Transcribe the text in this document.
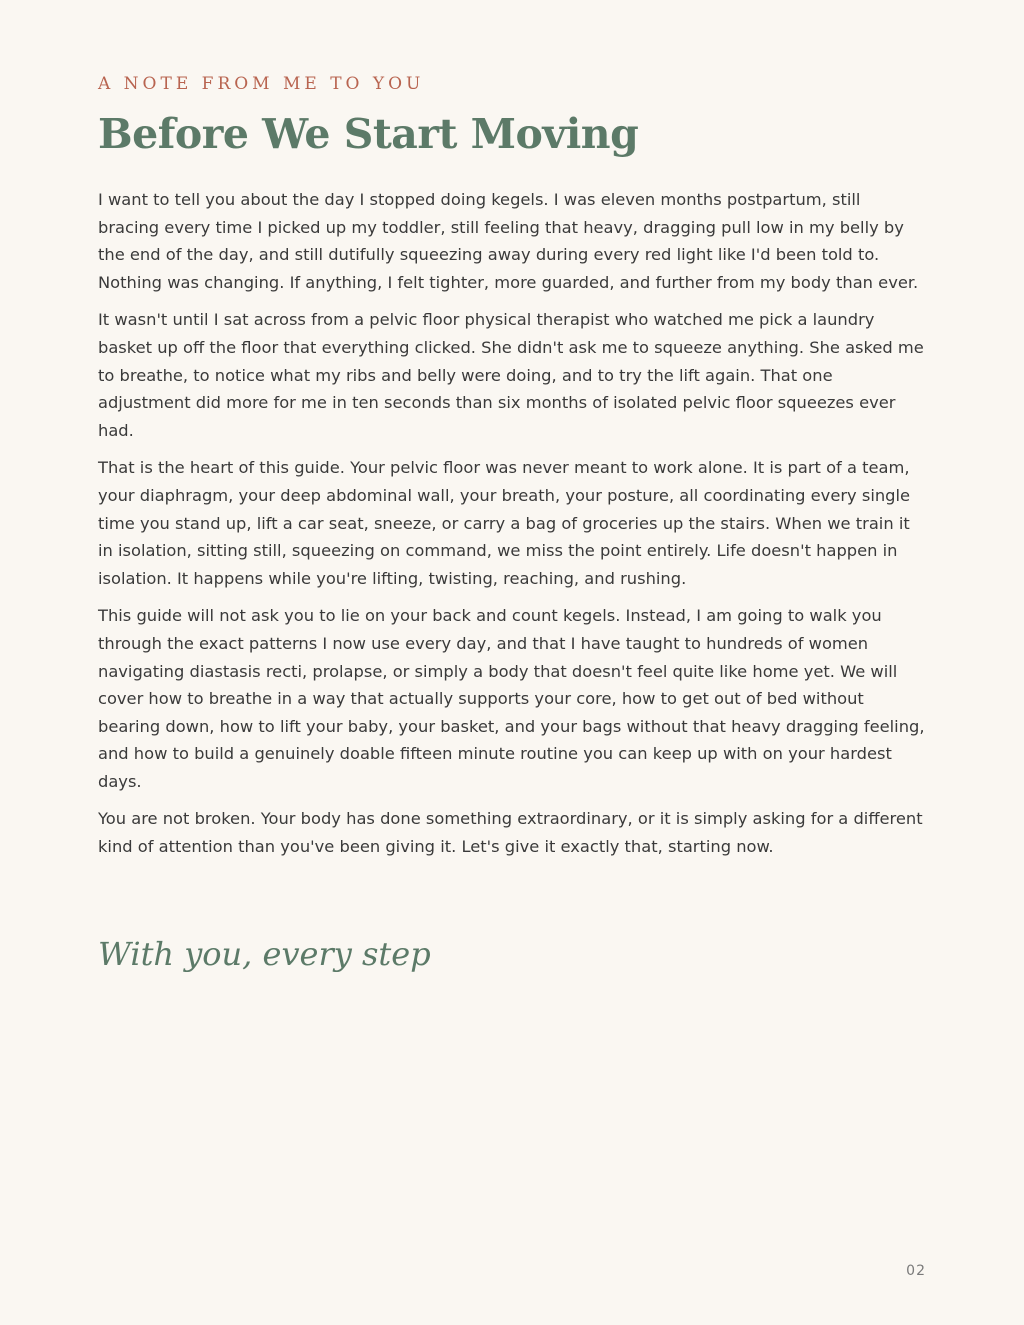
A NOTE FROM ME TO YOU

Before We Start Moving

I want to tell you about the day I stopped doing kegels. I was eleven months postpartum, still bracing every time I picked up my toddler, still feeling that heavy, dragging pull low in my belly by the end of the day, and still dutifully squeezing away during every red light like I'd been told to. Nothing was changing. If anything, I felt tighter, more guarded, and further from my body than ever.

It wasn't until I sat across from a pelvic floor physical therapist who watched me pick a laundry basket up off the floor that everything clicked. She didn't ask me to squeeze anything. She asked me to breathe, to notice what my ribs and belly were doing, and to try the lift again. That one adjustment did more for me in ten seconds than six months of isolated pelvic floor squeezes ever had.

That is the heart of this guide. Your pelvic floor was never meant to work alone. It is part of a team, your diaphragm, your deep abdominal wall, your breath, your posture, all coordinating every single time you stand up, lift a car seat, sneeze, or carry a bag of groceries up the stairs. When we train it in isolation, sitting still, squeezing on command, we miss the point entirely. Life doesn't happen in isolation. It happens while you're lifting, twisting, reaching, and rushing.

This guide will not ask you to lie on your back and count kegels. Instead, I am going to walk you through the exact patterns I now use every day, and that I have taught to hundreds of women navigating diastasis recti, prolapse, or simply a body that doesn't feel quite like home yet. We will cover how to breathe in a way that actually supports your core, how to get out of bed without bearing down, how to lift your baby, your basket, and your bags without that heavy dragging feeling, and how to build a genuinely doable fifteen minute routine you can keep up with on your hardest days.

You are not broken. Your body has done something extraordinary, or it is simply asking for a different kind of attention than you've been giving it. Let's give it exactly that, starting now.

With you, every step

02
